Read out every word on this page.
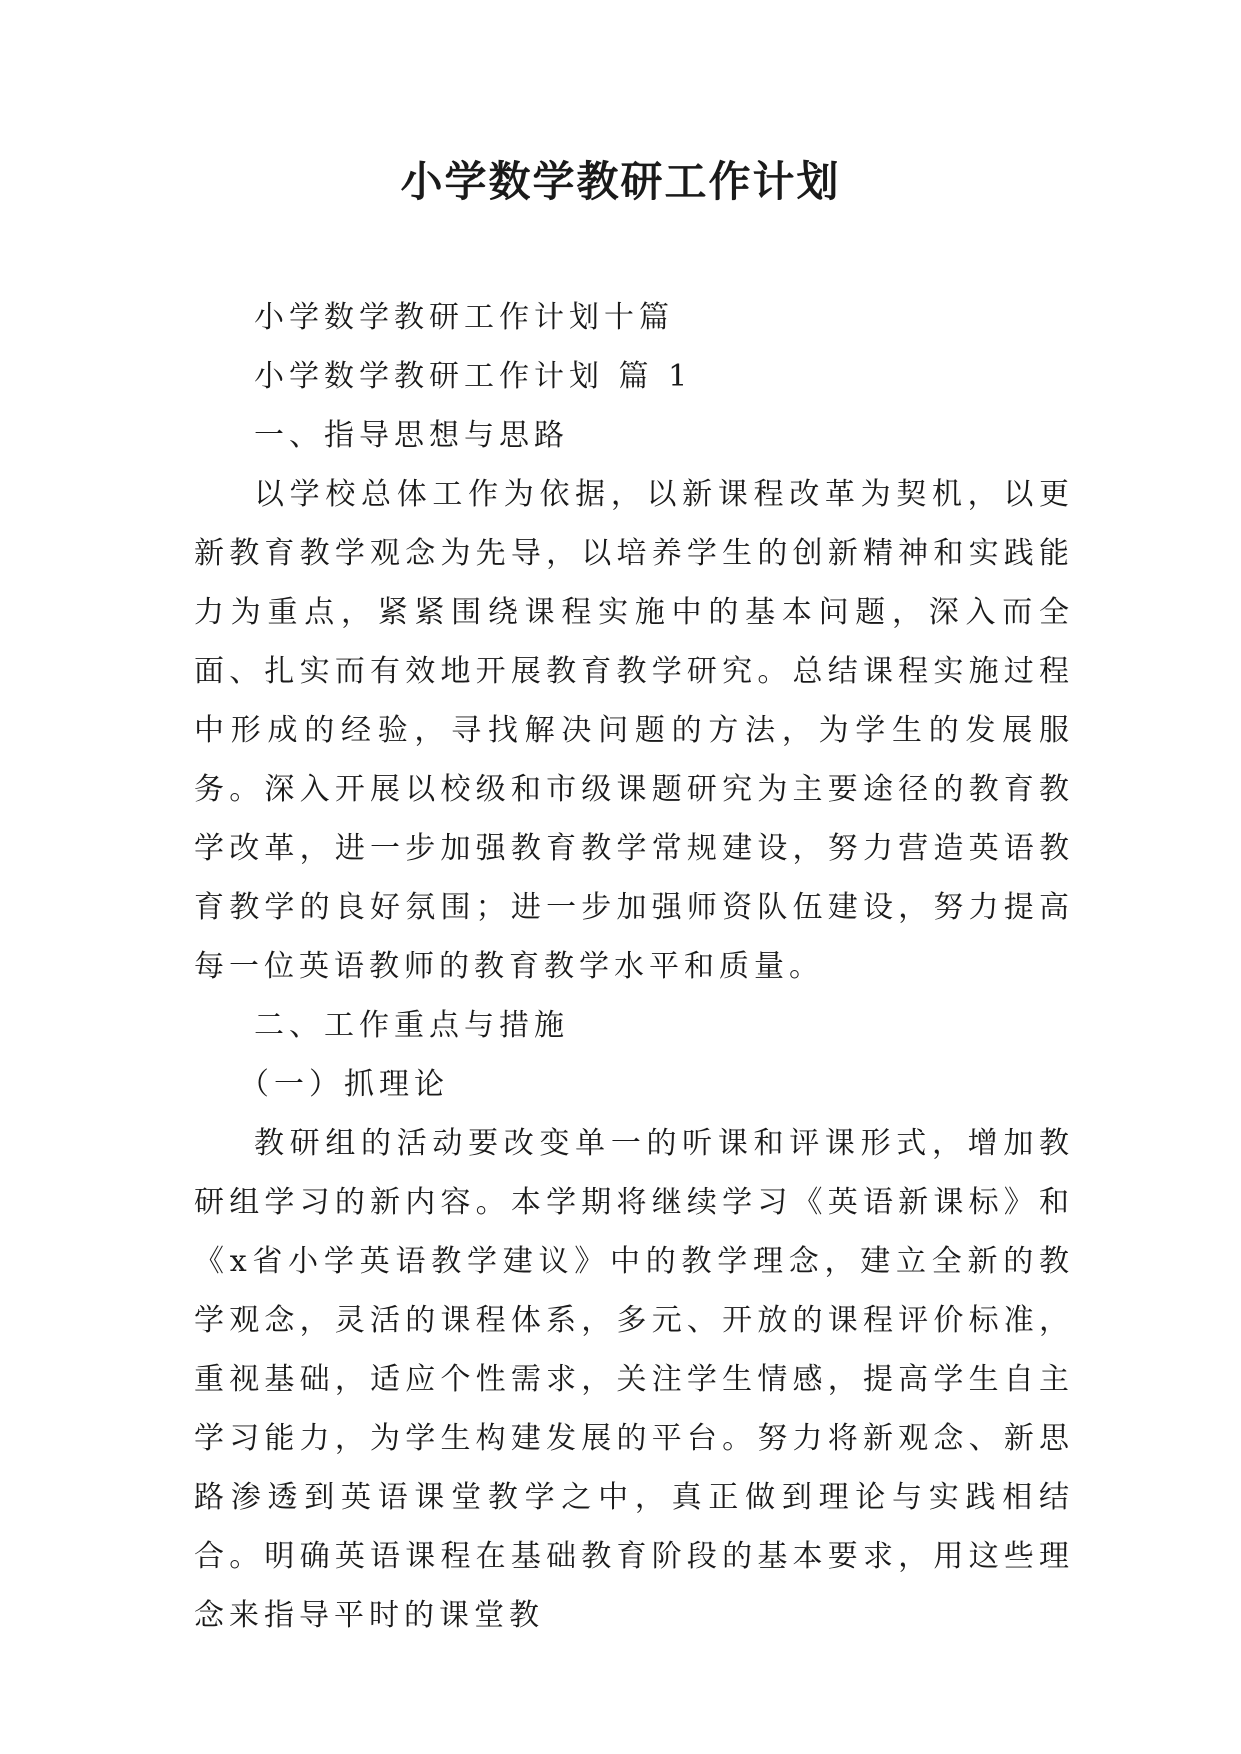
小学数学教研工作计划

小学数学教研工作计划十篇

小学数学教研工作计划 篇 1

一、指导思想与思路

以学校总体工作为依据，以新课程改革为契机，以更新教育教学观念为先导，以培养学生的创新精神和实践能力为重点，紧紧围绕课程实施中的基本问题，深入而全面、扎实而有效地开展教育教学研究。总结课程实施过程中形成的经验，寻找解决问题的方法，为学生的发展服务。深入开展以校级和市级课题研究为主要途径的教育教学改革，进一步加强教育教学常规建设，努力营造英语教育教学的良好氛围；进一步加强师资队伍建设，努力提高每一位英语教师的教育教学水平和质量。

二、工作重点与措施

（一）抓理论

教研组的活动要改变单一的听课和评课形式，增加教研组学习的新内容。本学期将继续学习《英语新课标》和《x省小学英语教学建议》中的教学理念，建立全新的教学观念，灵活的课程体系，多元、开放的课程评价标准，重视基础，适应个性需求，关注学生情感，提高学生自主学习能力，为学生构建发展的平台。努力将新观念、新思路渗透到英语课堂教学之中，真正做到理论与实践相结合。明确英语课程在基础教育阶段的基本要求，用这些理念来指导平时的课堂教
